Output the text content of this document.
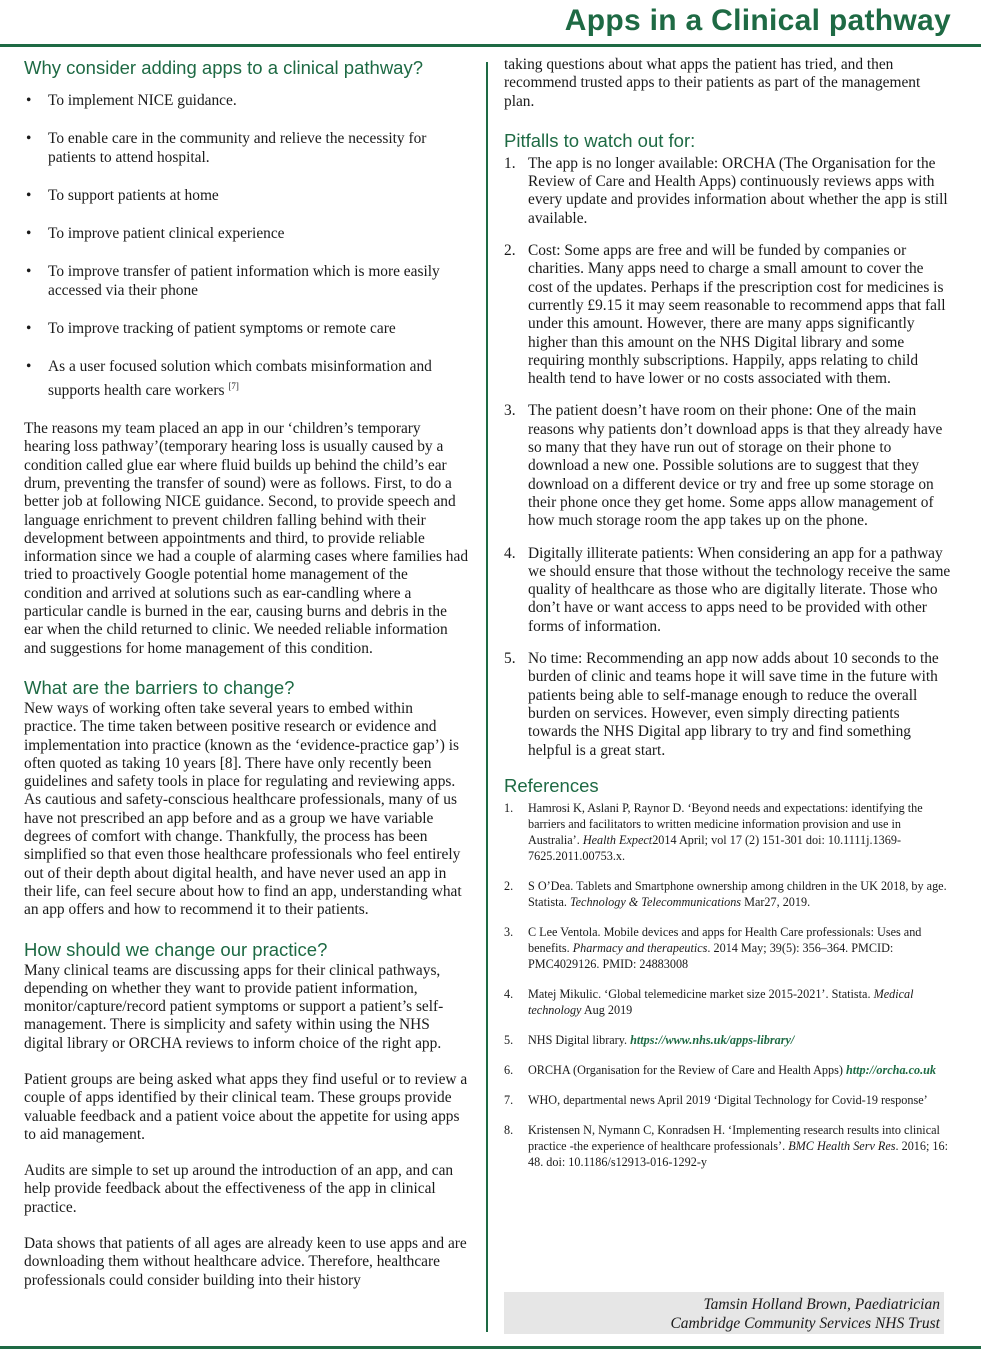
Apps in a Clinical pathway
Why consider adding apps to a clinical pathway?
• To implement NICE guidance.
• To enable care in the community and relieve the necessity for patients to attend hospital.
• To support patients at home
• To improve patient clinical experience
• To improve transfer of patient information which is more easily accessed via their phone
• To improve tracking of patient symptoms or remote care
• As a user focused solution which combats misinformation and supports health care workers [7]

The reasons my team placed an app in our ‘children’s temporary hearing loss pathway’(temporary hearing loss is usually caused by a condition called glue ear where fluid builds up behind the child’s ear drum, preventing the transfer of sound) were as follows. First, to do a better job at following NICE guidance. Second, to provide speech and language enrichment to prevent children falling behind with their development between appointments and third, to provide reliable information since we had a couple of alarming cases where families had tried to proactively Google potential home management of the condition and arrived at solutions such as ear-candling where a particular candle is burned in the ear, causing burns and debris in the ear when the child returned to clinic. We needed reliable information and suggestions for home management of this condition.

What are the barriers to change?

New ways of working often take several years to embed within practice. The time taken between positive research or evidence and implementation into practice (known as the ‘evidence-practice gap’) is often quoted as taking 10 years [8]. There have only recently been guidelines and safety tools in place for regulating and reviewing apps. As cautious and safety-conscious healthcare professionals, many of us have not prescribed an app before and as a group we have variable degrees of comfort with change. Thankfully, the process has been simplified so that even those healthcare professionals who feel entirely out of their depth about digital health, and have never used an app in their life, can feel secure about how to find an app, understanding what an app offers and how to recommend it to their patients.

How should we change our practice?

Many clinical teams are discussing apps for their clinical pathways, depending on whether they want to provide patient information, monitor/capture/record patient symptoms or support a patient’s self-management. There is simplicity and safety within using the NHS digital library or ORCHA reviews to inform choice of the right app.

Patient groups are being asked what apps they find useful or to review a couple of apps identified by their clinical team. These groups provide valuable feedback and a patient voice about the appetite for using apps to aid management.

Audits are simple to set up around the introduction of an app, and can help provide feedback about the effectiveness of the app in clinical practice.

Data shows that patients of all ages are already keen to use apps and are downloading them without healthcare advice. Therefore, healthcare professionals could consider building into their history

taking questions about what apps the patient has tried, and then recommend trusted apps to their patients as part of the management plan.

Pitfalls to watch out for:
1. The app is no longer available: ORCHA (The Organisation for the Review of Care and Health Apps) continuously reviews apps with every update and provides information about whether the app is still available.
2. Cost: Some apps are free and will be funded by companies or charities. Many apps need to charge a small amount to cover the cost of the updates. Perhaps if the prescription cost for medicines is currently £9.15 it may seem reasonable to recommend apps that fall under this amount. However, there are many apps significantly higher than this amount on the NHS Digital library and some requiring monthly subscriptions. Happily, apps relating to child health tend to have lower or no costs associated with them.
3. The patient doesn’t have room on their phone: One of the main reasons why patients don’t download apps is that they already have so many that they have run out of storage on their phone to download a new one. Possible solutions are to suggest that they download on a different device or try and free up some storage on their phone once they get home. Some apps allow management of how much storage room the app takes up on the phone.
4. Digitally illiterate patients: When considering an app for a pathway we should ensure that those without the technology receive the same quality of healthcare as those who are digitally literate. Those who don’t have or want access to apps need to be provided with other forms of information.
5. No time: Recommending an app now adds about 10 seconds to the burden of clinic and teams hope it will save time in the future with patients being able to self-manage enough to reduce the overall burden on services. However, even simply directing patients towards the NHS Digital app library to try and find something helpful is a great start.
References
1. Hamrosi K, Aslani P, Raynor D. ‘Beyond needs and expectations: identifying the barriers and facilitators to written medicine information provision and use in Australia’. Health Expect2014 April; vol 17 (2) 151-301 doi: 10.1111j.1369-7625.2011.00753.x.
2. S O’Dea. Tablets and Smartphone ownership among children in the UK 2018, by age. Statista. Technology & Telecommunications Mar27, 2019.
3. C Lee Ventola. Mobile devices and apps for Health Care professionals: Uses and benefits. Pharmacy and therapeutics. 2014 May; 39(5): 356–364. PMCID: PMC4029126. PMID: 24883008
4. Matej Mikulic. ‘Global telemedicine market size 2015-2021’. Statista. Medical technology Aug 2019
5. NHS Digital library. https://www.nhs.uk/apps-library/
6. ORCHA (Organisation for the Review of Care and Health Apps) http://orcha.co.uk
7. WHO, departmental news April 2019 ‘Digital Technology for Covid-19 response’
8. Kristensen N, Nymann C, Konradsen H. ‘Implementing research results into clinical practice -the experience of healthcare professionals’. BMC Health Serv Res. 2016; 16: 48. doi: 10.1186/s12913-016-1292-y
Tamsin Holland Brown, Paediatrician
Cambridge Community Services NHS Trust
